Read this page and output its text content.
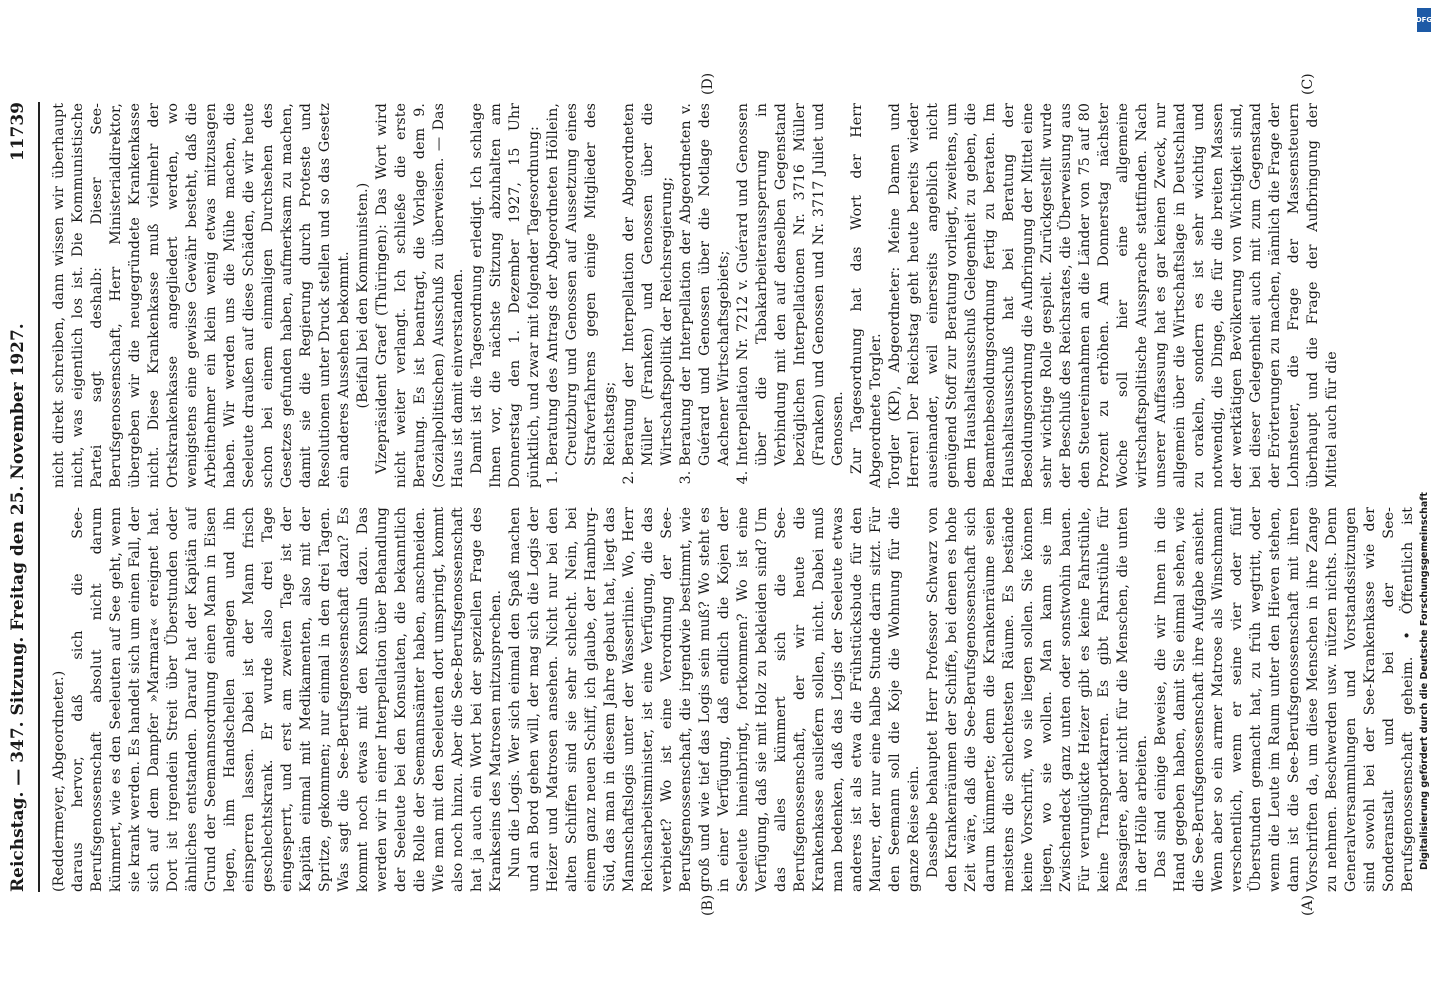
Reichstag. — 347. Sitzung. Freitag den 25. November 1927.
11739

(Reddermeyer, Abgeordneter.) daraus hervor, daß sich die See-Berufsgenossenschaft absolut nicht darum kümmert, wie es den Seeleuten auf See geht, wenn sie krank werden. Es handelt sich um einen Fall, der sich auf dem Dampfer »Marmara« ereignet hat. Dort ist irgendein Streit über Überstunden oder ähnliches entstanden. Darauf hat der Kapitän auf Grund der Seemannsordnung einen Mann in Eisen legen, ihm Handschellen anlegen und ihn einsperren lassen. Dabei ist der Mann frisch geschlechtskrank. Er wurde also drei Tage eingesperrt, und erst am zweiten Tage ist der Kapitän einmal mit Medikamenten, also mit der Spritze, gekommen; nur einmal in den drei Tagen. Was sagt die See-Berufsgenossenschaft dazu? Es kommt noch etwas mit den Konsuln dazu. Das werden wir in einer Interpellation über Behandlung der Seeleute bei den Konsulaten, die bekanntlich die Rolle der Seemannsämter haben, anschneiden. Wie man mit den Seeleuten dort umspringt, kommt also noch hinzu. Aber die See-Berufsgenossenschaft hat ja auch ein Wort bei der speziellen Frage des Krankseins des Matrosen mitzusprechen. Nun die Logis. Wer sich einmal den Spaß machen und an Bord gehen will, der mag sich die Logis der Heizer und Matrosen ansehen. Nicht nur bei den alten Schiffen sind sie sehr schlecht. Nein, bei einem ganz neuen Schiff, ich glaube, der Hamburg-Süd, das man in diesem Jahre gebaut hat, liegt das Mannschaftslogis unter der Wasserlinie. Wo, Herr Reichsarbeitsminister, ist eine Verfügung, die das verbietet? Wo ist eine Verordnung der See-Berufsgenossenschaft, die irgendwie bestimmt, wie groß und wie tief das Logis sein muß? Wo steht es in einer Verfügung, daß endlich die Kojen der Seeleute hineinbringt, fortkommen? Wo ist eine Verfügung, daß sie mit Holz zu bekleiden sind? Um das alles kümmert sich die See-Berufsgenossenschaft, der wir heute die Krankenkasse ausliefern sollen, nicht. Dabei muß man bedenken, daß das Logis der Seeleute etwas anderes ist als etwa die Frühstücksbude für den Maurer, der nur eine halbe Stunde darin sitzt. Für den Seemann soll die Koje die Wohnung für die ganze Reise sein. Dasselbe behauptet Herr Professor Schwarz von den Krankenräumen der Schiffe, bei denen es hohe Zeit wäre, daß die See-Berufsgenossenschaft sich darum kümmerte; denn die Krankenräume seien meistens die schlechtesten Räume. Es bestände keine Vorschrift, wo sie liegen sollen. Sie können liegen, wo sie wollen. Man kann sie im Zwischendeck ganz unten oder sonstwohin bauen. Für verunglückte Heizer gibt es keine Fahrstühle, keine Transportkarren. Es gibt Fahrstühle für Passagiere, aber nicht für die Menschen, die unten in der Hölle arbeiten. Das sind einige Beweise, die wir Ihnen in die Hand gegeben haben, damit Sie einmal sehen, wie die See-Berufsgenossenschaft ihre Aufgabe ansieht. Wenn aber so ein armer Matrose als Winschmann verschentlich, wenn er seine vier oder fünf Überstunden gemacht hat, zu früh wegtritt, oder wenn die Leute im Raum unter den Hieven stehen, dann ist die See-Berufsgenossenschaft mit ihren Vorschriften da, um diese Menschen in ihre Zange zu nehmen. Beschwerden usw. nützen nichts. Denn Generalversammlungen und Vorstandssitzungen sind sowohl bei der See-Krankenkasse wie der Sonderanstalt und bei der See-Berufsgenossenschaft geheim. • Öffentlich ist

nicht direkt schreiben, dann wissen wir überhaupt nicht, was eigentlich los ist. Die Kommunistische Partei sagt deshalb: Dieser See-Berufsgenossenschaft, Herr Ministerialdirektor, übergeben wir die neugegründete Krankenkasse nicht. Diese Krankenkasse muß vielmehr der Ortskrankenkasse angegliedert werden, wo wenigstens eine gewisse Gewähr besteht, daß die Arbeitnehmer ein klein wenig etwas mitzusagen haben. Wir werden uns die Mühe machen, die Seeleute draußen auf diese Schäden, die wir heute schon bei einem einmaligen Durchsehen des Gesetzes gefunden haben, aufmerksam zu machen, damit sie die Regierung durch Proteste und Resolutionen unter Druck stellen und so das Gesetz ein anderes Aussehen bekommt. (Beifall bei den Kommunisten.) Vizepräsident Graef (Thüringen): Das Wort wird nicht weiter verlangt. Ich schließe die erste Beratung. Es ist beantragt, die Vorlage dem 9. (Sozialpolitischen) Ausschuß zu überweisen. — Das Haus ist damit einverstanden. Damit ist die Tagesordnung erledigt. Ich schlage Ihnen vor, die nächste Sitzung abzuhalten am Donnerstag den 1. Dezember 1927, 15 Uhr pünktlich, und zwar mit folgender Tagesordnung: 1. Beratung des Antrags der Abgeordneten Höllein, Creutzburg und Genossen auf Aussetzung eines Strafverfahrens gegen einige Mitglieder des Reichstags; 2. Beratung der Interpellation der Abgeordneten Müller (Franken) und Genossen über die Wirtschaftspolitik der Reichsregierung; 3. Beratung der Interpellation der Abgeordneten v. Guérard und Genossen über die Notlage des Aachener Wirtschaftsgebiets; 4. Interpellation Nr. 7212 v. Guérard und Genossen über die Tabakarbeiteraussperrung in Verbindung mit den auf denselben Gegenstand bezüglichen Interpellationen Nr. 3716 Müller (Franken) und Genossen und Nr. 3717 Juliet und Genossen. Zur Tagesordnung hat das Wort der Herr Abgeordnete Torgler. Torgler (KP), Abgeordneter: Meine Damen und Herren! Der Reichstag geht heute bereits wieder auseinander, weil einerseits angeblich nicht genügend Stoff zur Beratung vorliegt, zweitens, um dem Haushaltsausschuß Gelegenheit zu geben, die Beamtenbesoldungsordnung fertig zu beraten. Im Haushaltsausschuß hat bei Beratung der Besoldungsordnung die Aufbringung der Mittel eine sehr wichtige Rolle gespielt. Zurückgestellt wurde der Beschluß des Reichsrates, die Überweisung aus den Steuereinnahmen an die Länder von 75 auf 80 Prozent zu erhöhen. Am Donnerstag nächster Woche soll hier eine allgemeine wirtschaftspolitische Aussprache stattfinden. Nach unserer Auffassung hat es gar keinen Zweck, nur allgemein über die Wirtschaftslage in Deutschland zu orakeln, sondern es ist sehr wichtig und notwendig, die Dinge, die für die breiten Massen der werktätigen Bevölkerung von Wichtigkeit sind, bei dieser Gelegenheit auch mit zum Gegenstand der Erörterungen zu machen, nämlich die Frage der Lohnsteuer, die Frage der Massensteuern überhaupt und die Frage der Aufbringung der Mittel auch für die

(A)
(B)
(C)
(D)
Digitalisierung gefördert durch die Deutsche Forschungsgemeinschaft
DFG
